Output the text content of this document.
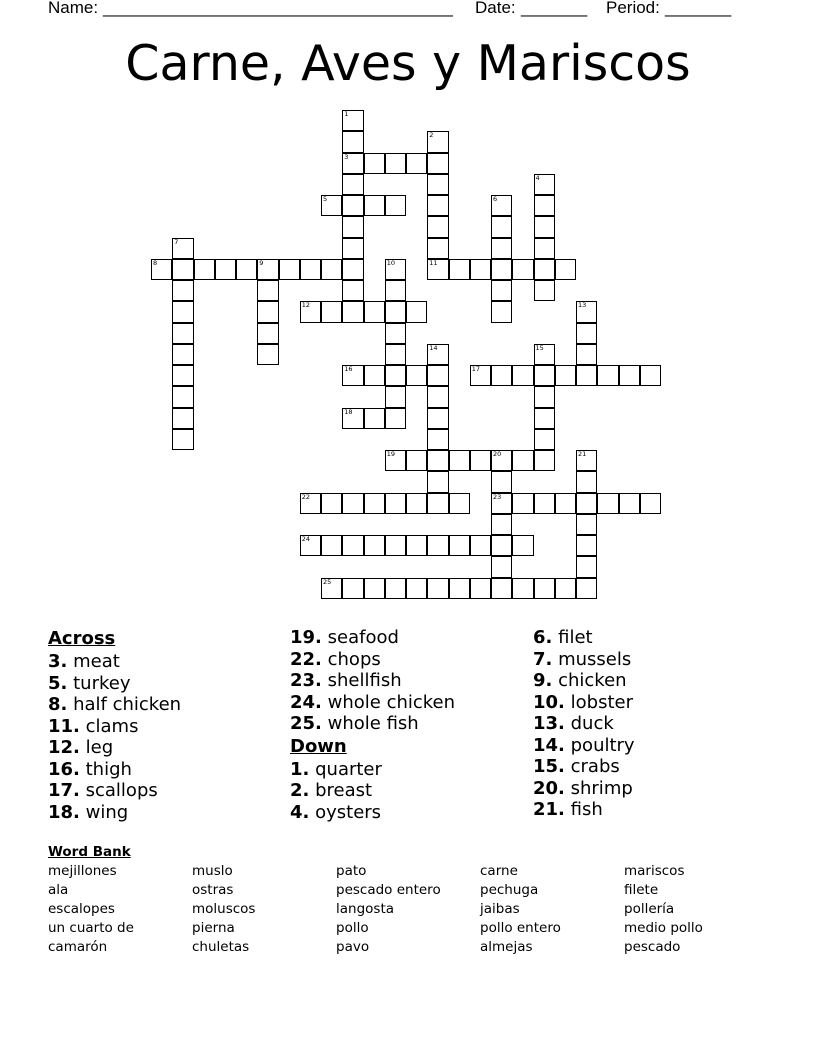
Name: _____________________________________ Date: _______ Period: _______
Carne, Aves y Mariscos
3
5
8	9	11
12
16	17
18
19	20
22	23
24
25
1
2
4
6
7
10
13
14	15
21
Across
3. meat
5. turkey
8. half chicken
11. clams
12. leg
16. thigh
17. scallops
18. wing
19. seafood
22. chops
23. shellfish
24. whole chicken
25. whole fish
Down
1. quarter
2. breast
4. oysters
6. filet
7. mussels
9. chicken
10. lobster
13. duck
14. poultry
15. crabs
20. shrimp
21. fish
Word Bank
mejillones
ala
escalopes
un cuarto de
camarón
muslo
ostras
moluscos
pierna
chuletas
pato
pescado entero
langosta
pollo
pavo
carne
pechuga
jaibas
pollo entero
almejas
mariscos
filete
pollería
medio pollo
pescado
